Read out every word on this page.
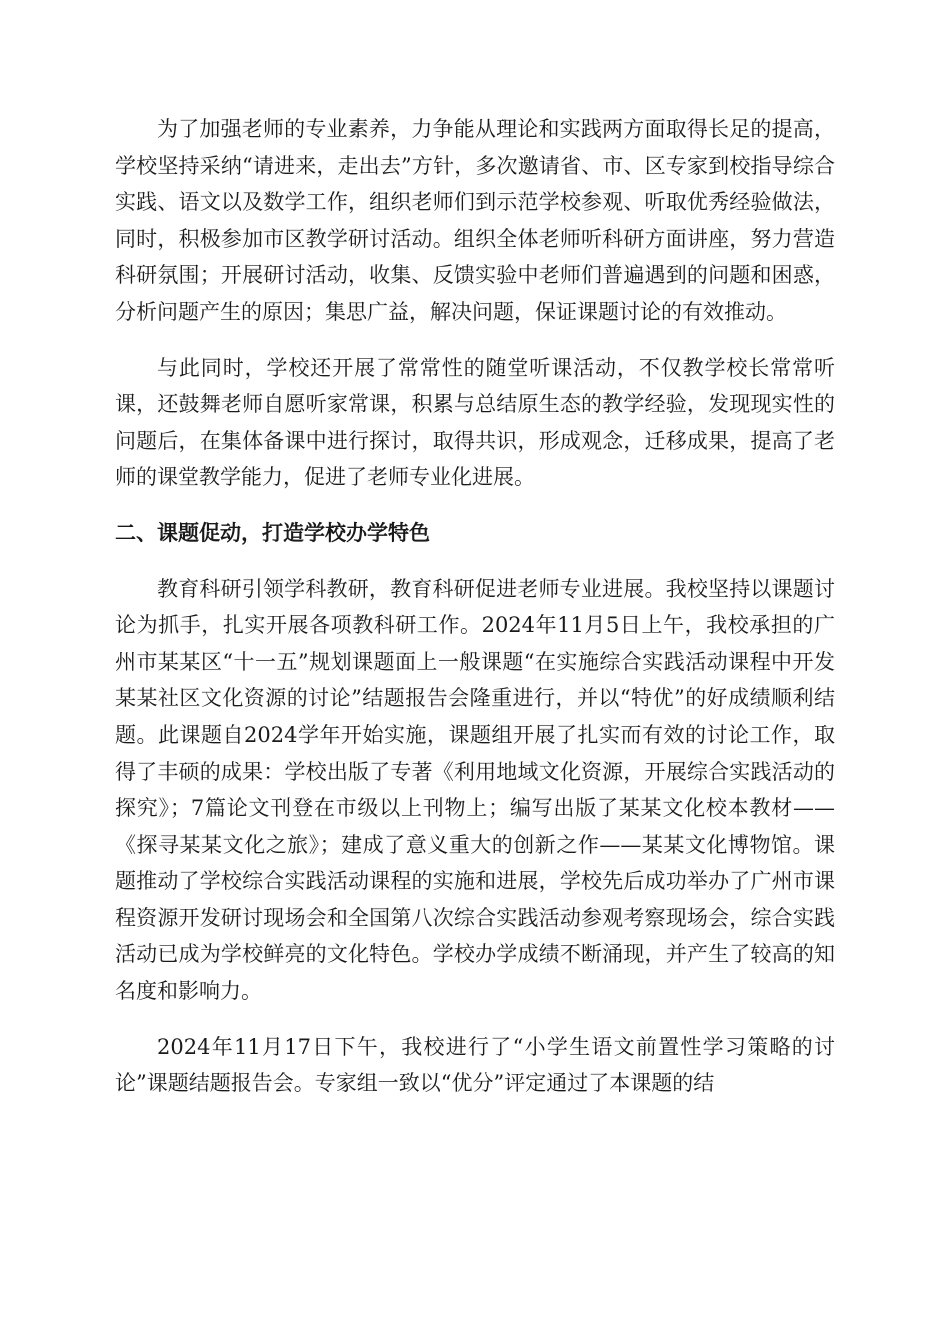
为了加强老师的专业素养，力争能从理论和实践两方面取得长足的提高，学校坚持采纳“请进来，走出去”方针，多次邀请省、市、区专家到校指导综合实践、语文以及数学工作，组织老师们到示范学校参观、听取优秀经验做法，同时，积极参加市区教学研讨活动。组织全体老师听科研方面讲座，努力营造科研氛围；开展研讨活动，收集、反馈实验中老师们普遍遇到的问题和困惑，分析问题产生的原因；集思广益，解决问题，保证课题讨论的有效推动。

与此同时，学校还开展了常常性的随堂听课活动，不仅教学校长常常听课，还鼓舞老师自愿听家常课，积累与总结原生态的教学经验，发现现实性的问题后，在集体备课中进行探讨，取得共识，形成观念，迁移成果，提高了老师的课堂教学能力，促进了老师专业化进展。

二、课题促动，打造学校办学特色

教育科研引领学科教研，教育科研促进老师专业进展。我校坚持以课题讨论为抓手，扎实开展各项教科研工作。2024年11月5日上午，我校承担的广州市某某区“十一五”规划课题面上一般课题“在实施综合实践活动课程中开发某某社区文化资源的讨论”结题报告会隆重进行，并以“特优”的好成绩顺利结题。此课题自2024学年开始实施，课题组开展了扎实而有效的讨论工作，取得了丰硕的成果：学校出版了专著《利用地域文化资源，开展综合实践活动的探究》；7篇论文刊登在市级以上刊物上；编写出版了某某文化校本教材——《探寻某某文化之旅》；建成了意义重大的创新之作——某某文化博物馆。课题推动了学校综合实践活动课程的实施和进展，学校先后成功举办了广州市课程资源开发研讨现场会和全国第八次综合实践活动参观考察现场会，综合实践活动已成为学校鲜亮的文化特色。学校办学成绩不断涌现，并产生了较高的知名度和影响力。

2024年11月17日下午，我校进行了“小学生语文前置性学习策略的讨论”课题结题报告会。专家组一致以“优分”评定通过了本课题的结
